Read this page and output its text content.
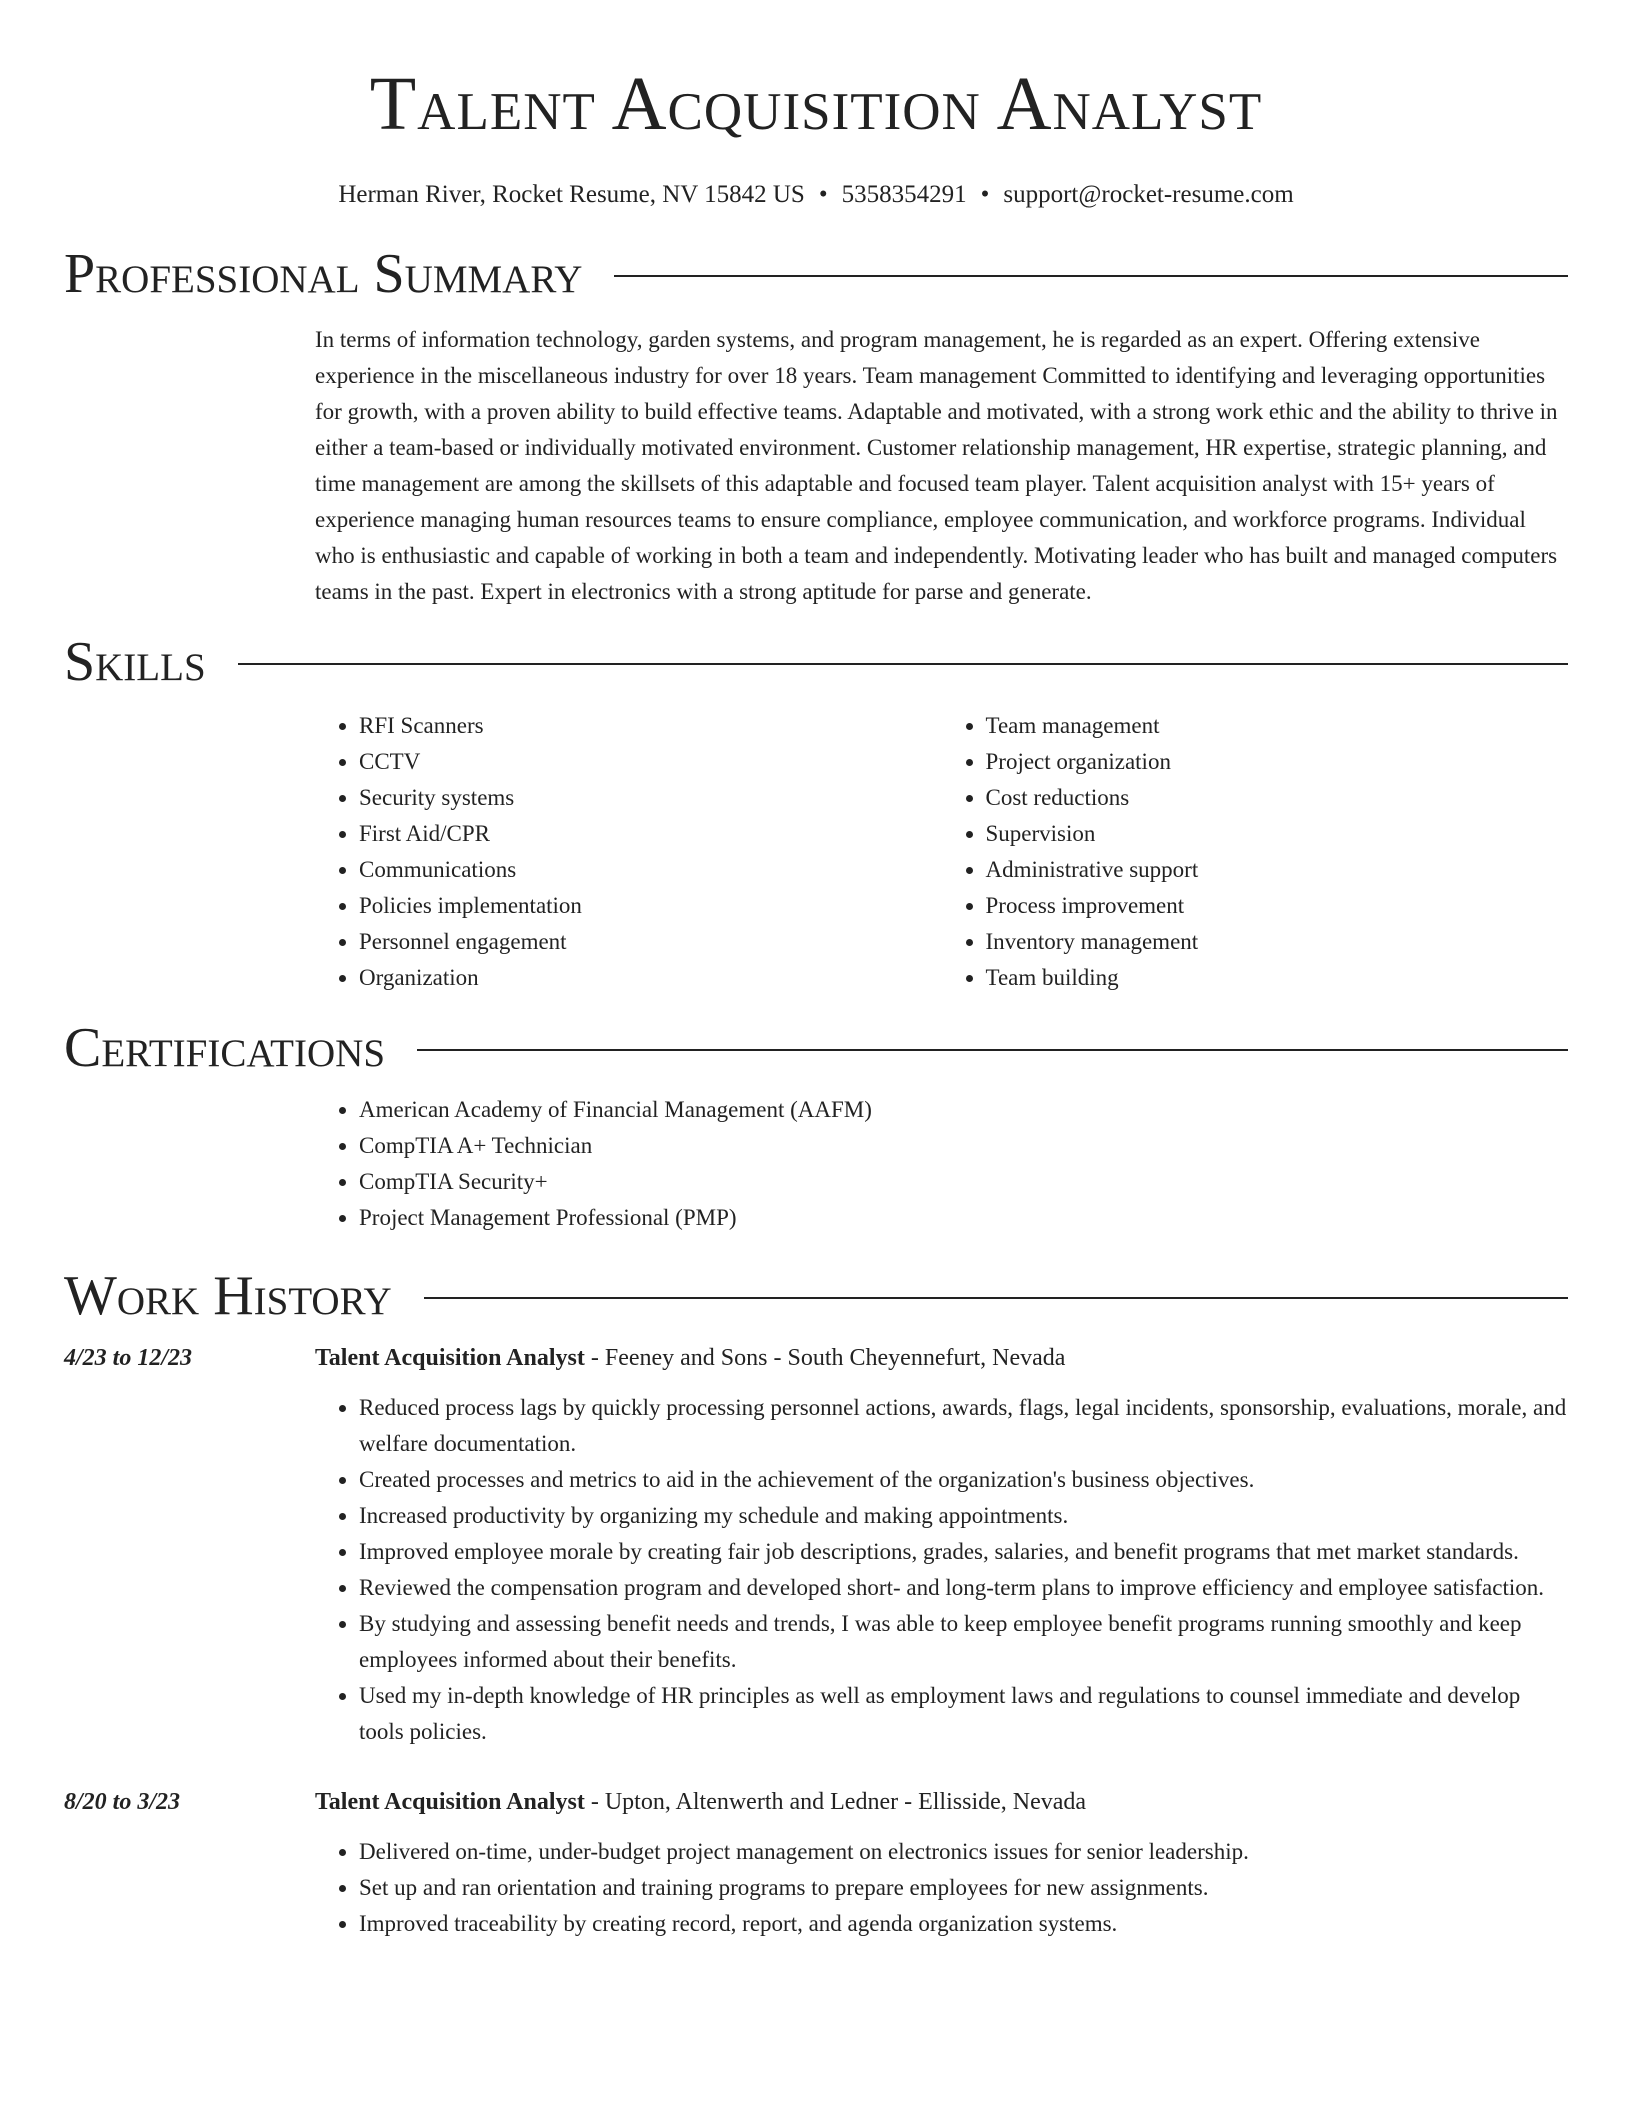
Talent Acquisition Analyst
Herman River, Rocket Resume, NV 15842 US • 5358354291 • support@rocket-resume.com
Professional Summary

In terms of information technology, garden systems, and program management, he is regarded as an expert. Offering extensive experience in the miscellaneous industry for over 18 years. Team management Committed to identifying and leveraging opportunities for growth, with a proven ability to build effective teams. Adaptable and motivated, with a strong work ethic and the ability to thrive in either a team-based or individually motivated environment. Customer relationship management, HR expertise, strategic planning, and time management are among the skillsets of this adaptable and focused team player. Talent acquisition analyst with 15+ years of experience managing human resources teams to ensure compliance, employee communication, and workforce programs. Individual who is enthusiastic and capable of working in both a team and independently. Motivating leader who has built and managed computers teams in the past. Expert in electronics with a strong aptitude for parse and generate.

Skills
• RFI Scanners
• CCTV
• Security systems
• First Aid/CPR
• Communications
• Policies implementation
• Personnel engagement
• Organization
• Team management
• Project organization
• Cost reductions
• Supervision
• Administrative support
• Process improvement
• Inventory management
• Team building
Certifications
• American Academy of Financial Management (AAFM)
• CompTIA A+ Technician
• CompTIA Security+
• Project Management Professional (PMP)
Work History
4/23 to 12/23	Talent Acquisition Analyst - Feeney and Sons - South Cheyennefurt, Nevada
• Reduced process lags by quickly processing personnel actions, awards, flags, legal incidents, sponsorship, evaluations, morale, and welfare documentation.
• Created processes and metrics to aid in the achievement of the organization's business objectives.
• Increased productivity by organizing my schedule and making appointments.
• Improved employee morale by creating fair job descriptions, grades, salaries, and benefit programs that met market standards.
• Reviewed the compensation program and developed short- and long-term plans to improve efficiency and employee satisfaction.
• By studying and assessing benefit needs and trends, I was able to keep employee benefit programs running smoothly and keep employees informed about their benefits.
• Used my in-depth knowledge of HR principles as well as employment laws and regulations to counsel immediate and develop tools policies.
8/20 to 3/23	Talent Acquisition Analyst - Upton, Altenwerth and Ledner - Ellisside, Nevada
• Delivered on-time, under-budget project management on electronics issues for senior leadership.
• Set up and ran orientation and training programs to prepare employees for new assignments.
• Improved traceability by creating record, report, and agenda organization systems.
